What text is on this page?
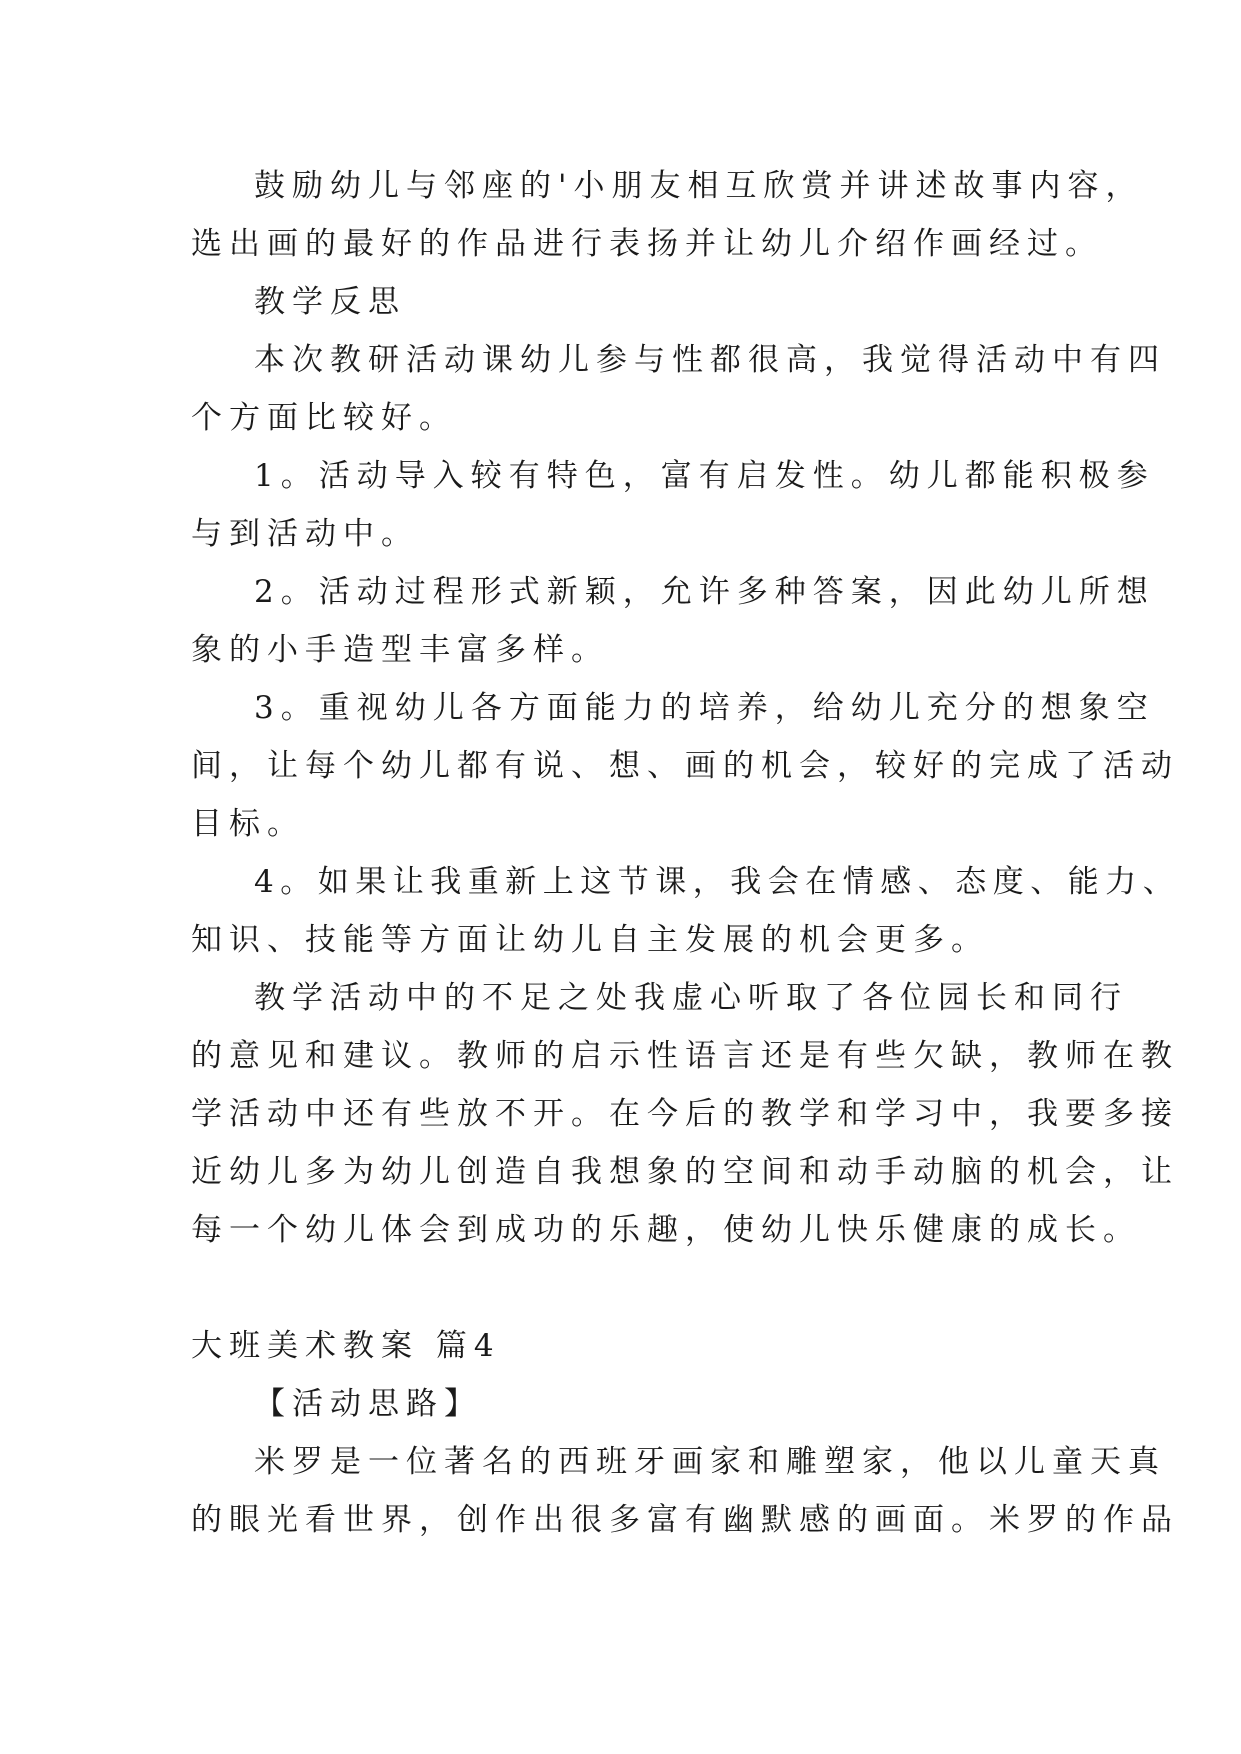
鼓励幼儿与邻座的'小朋友相互欣赏并讲述故事内容，
选出画的最好的作品进行表扬并让幼儿介绍作画经过。
教学反思
本次教研活动课幼儿参与性都很高，我觉得活动中有四
个方面比较好。
1。活动导入较有特色，富有启发性。幼儿都能积极参
与到活动中。
2。活动过程形式新颖，允许多种答案，因此幼儿所想
象的小手造型丰富多样。
3。重视幼儿各方面能力的培养，给幼儿充分的想象空
间，让每个幼儿都有说、想、画的机会，较好的完成了活动
目标。
4。如果让我重新上这节课，我会在情感、态度、能力、
知识、技能等方面让幼儿自主发展的机会更多。
教学活动中的不足之处我虚心听取了各位园长和同行
的意见和建议。教师的启示性语言还是有些欠缺，教师在教
学活动中还有些放不开。在今后的教学和学习中，我要多接
近幼儿多为幼儿创造自我想象的空间和动手动脑的机会，让
每一个幼儿体会到成功的乐趣，使幼儿快乐健康的成长。
大班美术教案 篇4
【活动思路】
米罗是一位著名的西班牙画家和雕塑家，他以儿童天真
的眼光看世界，创作出很多富有幽默感的画面。米罗的作品
